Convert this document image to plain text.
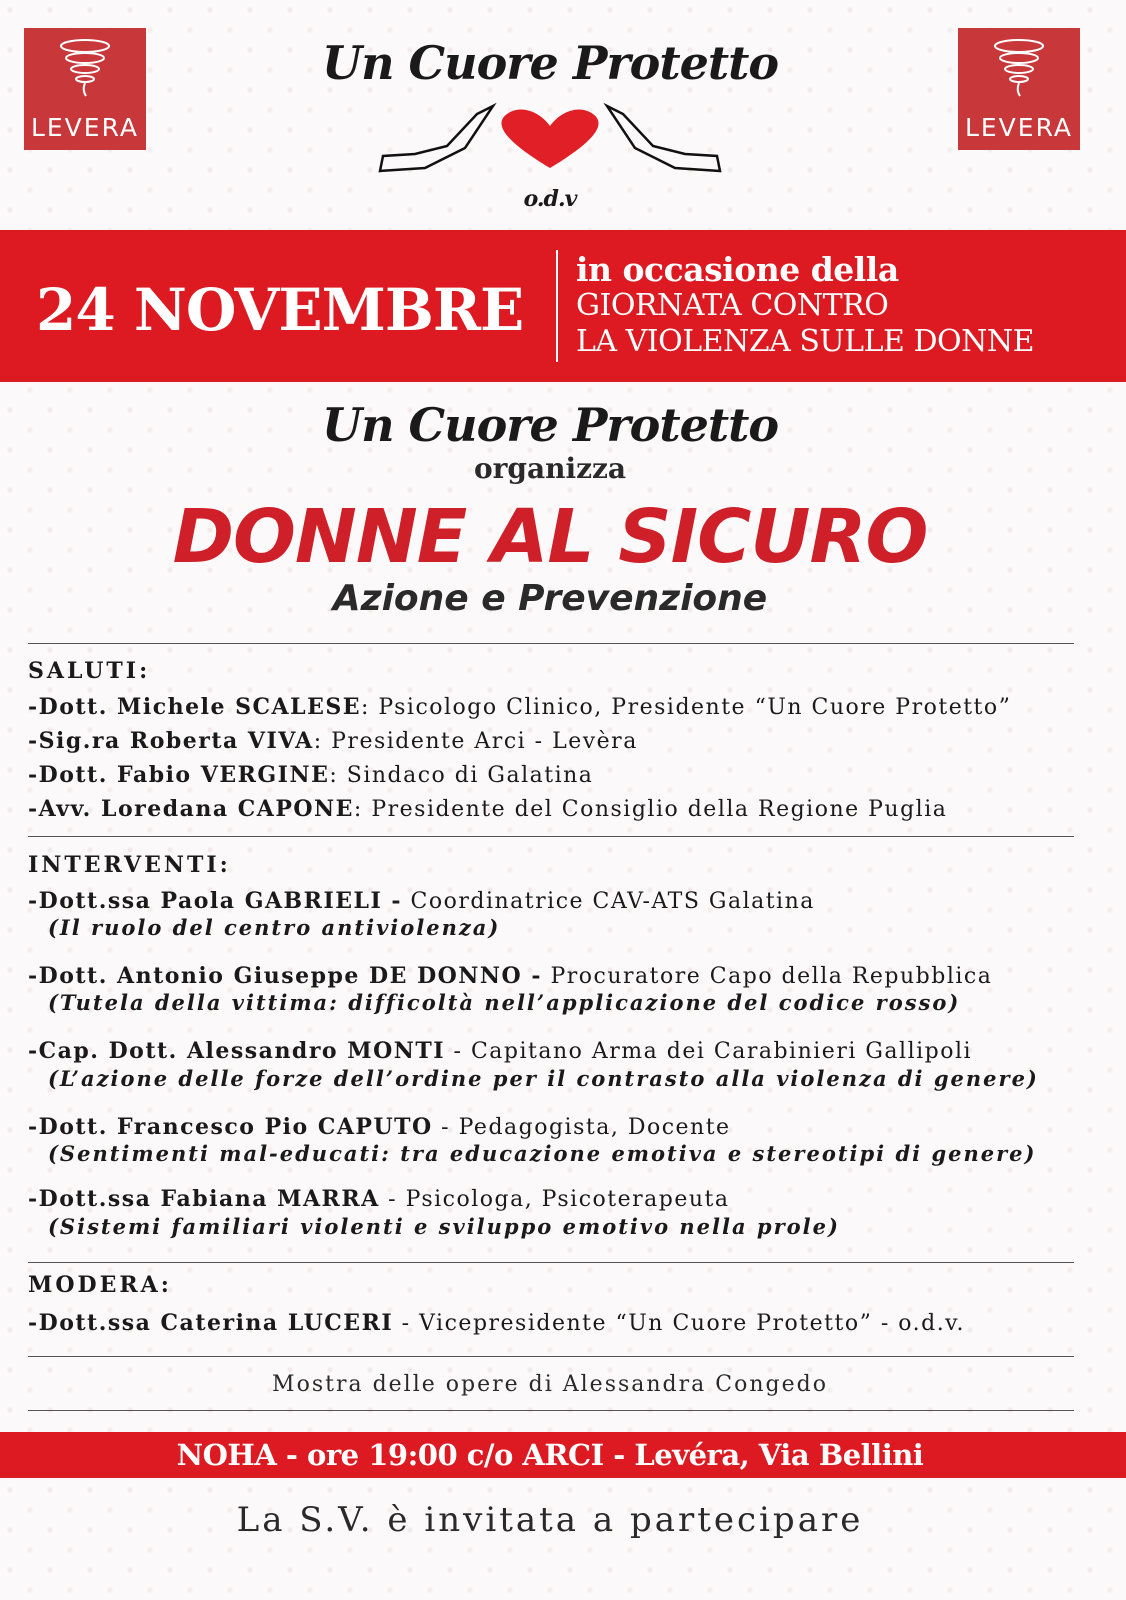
LEVERA	LEVERA
Un Cuore Protetto
o.d.v
24 NOVEMBRE
in occasione della
GIORNATA CONTRO
LA VIOLENZA SULLE DONNE
Un Cuore Protetto
organizza
DONNE AL SICURO
Azione e Prevenzione
SALUTI:
-Dott. Michele SCALESE: Psicologo Clinico, Presidente “Un Cuore Protetto”
-Sig.ra Roberta VIVA: Presidente Arci - Levèra
-Dott. Fabio VERGINE: Sindaco di Galatina
-Avv. Loredana CAPONE: Presidente del Consiglio della Regione Puglia
INTERVENTI:
-Dott.ssa Paola GABRIELI - Coordinatrice CAV-ATS Galatina
(Il ruolo del centro antiviolenza)
-Dott. Antonio Giuseppe DE DONNO - Procuratore Capo della Repubblica
(Tutela della vittima: difficoltà nell’applicazione del codice rosso)
-Cap. Dott. Alessandro MONTI - Capitano Arma dei Carabinieri Gallipoli
(L’azione delle forze dell’ordine per il contrasto alla violenza di genere)
-Dott. Francesco Pio CAPUTO - Pedagogista, Docente
(Sentimenti mal-educati: tra educazione emotiva e stereotipi di genere)
-Dott.ssa Fabiana MARRA - Psicologa, Psicoterapeuta
(Sistemi familiari violenti e sviluppo emotivo nella prole)
MODERA:
-Dott.ssa Caterina LUCERI - Vicepresidente “Un Cuore Protetto” - o.d.v.
Mostra delle opere di Alessandra Congedo
NOHA - ore 19:00 c/o ARCI - Levéra, Via Bellini
La S.V. è invitata a partecipare
